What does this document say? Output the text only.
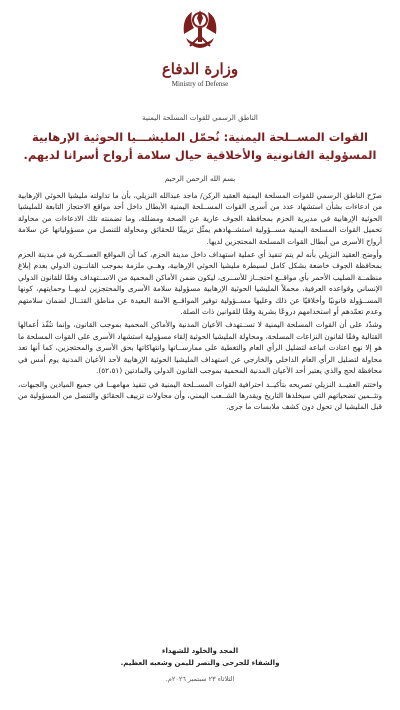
وزارة الدفاع
Ministry of Defense
الناطق الرسمي للقوات المسلحة اليمنية
القوات المســلحة اليمنية: نُحمّل المليشـــيا الحوثية الإرهابية المسؤولية القانونية والأخلاقية حيال سلامة أرواح أسرانا لديهم.
بسم الله الرحمن الرحيم

صرّح الناطق الرسمي للقوات المسلحة اليمنية العقيد الركن/ ماجد عبدالله النزيلي، بأن ما تداولته مليشيا الحوثي الإرهابية من ادعاءات بشأن استشهاد عدد من أسرى القوات المســلحة اليمنية الأبطال داخل أحد مواقع الاحتجاز التابعة للمليشيا الحوثية الإرهابية في مديرية الحزم بمحافظة الجوف عارية عن الصحة ومضللة، وما تضمنته تلك الادعاءات من محاولة تحميل القوات المسلحة اليمنية مســؤولية استشــهادهم يمثّل تزييفًا للحقائق ومحاولة للتنصل من مسؤولياتها عن سلامة أرواح الأسرى من أبطال القوات المسلحة المحتجزين لديها.

وأوضح العقيد النزيلي بأنه لم يتم تنفيذ أي عملية استهداف داخل مدينة الحزم، كما أن المواقع العســكرية في مدينة الحزم بمحافظة الجوف خاضعة بشكل كامل لسيطرة مليشيا الحوثي الإرهابية، وهــي ملزمة بموجب القانــون الدولي بعدم إبلاغ منظمــة الصليب الأحمر بأي مواقــع احتجــاز للأســرى، ليكون ضمن الأماكن المحمية من الاســتهداف وفقًا للقانون الدولي الإنساني وقواعده العرفية، محملاً المليشيا الحوثية الإرهابية مسؤولية سلامة الأسرى والمحتجزين لديهــا وحمايتهم، كونها المســؤولة قانونيًا وأخلاقيًا عن ذلك وعليها مســؤولية توفير المواقــع الآمنة البعيدة عن مناطق القتــال لضمان سلامتهم وعدم تعمّدهم أو استخدامهم دروعًا بشرية وفقًا للقوانين ذات الصلة.

وشدّد على أن القوات المسلحة اليمنية لا تســتهدف الأعيان المدنية والأماكن المحمية بموجب القانون، وإنما تنُفّذ أعمالها القتالية وفقًا لقانون النزاعات المسلحة، ومحاولة المليشيا الحوثية إلقاء مسؤولية استشهاد الأسرى على القوات المسلحة ما هو إلا نهج اعتادت اتباعه لتضليل الرأي العام والتغطية على ممارســاتها وانتهاكاتها بحق الأسرى والمحتجزين، كما أنها تعد محاولة لتضليل الرأي العام الداخلي والخارجي عن استهداف المليشيا الحوثية الإرهابية لأحد الأعيان المدنية يوم أمس في محافظة لحج والذي يعتبر أحد الأعيان المدنية المحمية بموجب القانون الدولي والمادتين (٥٢،٥١).

واختتم العقيــد النزيلي تصريحه بتأكيــد احترافية القوات المســلحة اليمنية في تنفيذ مهامهــا في جميع الميادين والجبهات، وتثــمين تضحياتهم التي سيخلدها التاريخ ويقدرها الشــعب اليمني، وأن محاولات تزييف الحقائق والتنصل من المسؤولية من قبل المليشيا لن تحول دون كشف ملابسات ما جرى.

المجد والخلود للشهداء
والشفاء للجرحى والنصر لليمن وشعبه العظيم.
الثلاثاء ٢٣ سبتمبر ٢٠٢٦م.
